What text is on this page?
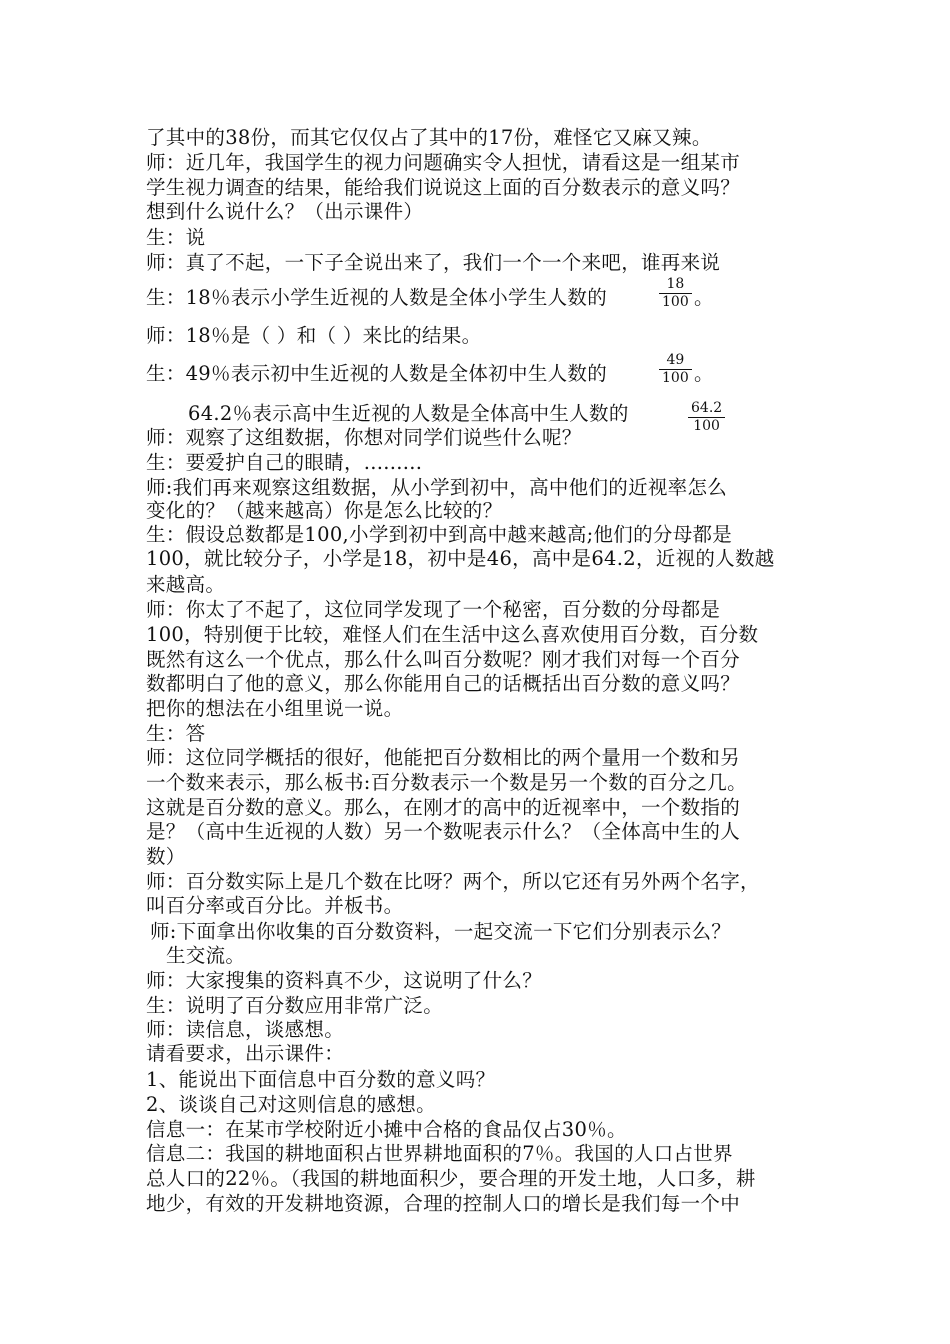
了其中的38份，而其它仅仅占了其中的17份，难怪它又麻又辣。
师：近几年，我国学生的视力问题确实令人担忧，请看这是一组某市
学生视力调查的结果，能给我们说说这上面的百分数表示的意义吗？
想到什么说什么？（出示课件）
生：说
师：真了不起，一下子全说出来了，我们一个一个来吧，谁再来说
生：18％表示小学生近视的人数是全体小学生人数的	$\frac{18}{100}$ 。
师：18％是（ ）和（ ）来比的结果。
生：49％表示初中生近视的人数是全体初中生人数的	$\frac{49}{100}$ 。
64.2％表示高中生近视的人数是全体高中生人数的	$\frac{64.2}{100}$
师：观察了这组数据，你想对同学们说些什么呢？
生：要爱护自己的眼睛，.........
师:我们再来观察这组数据，从小学到初中，高中他们的近视率怎么
变化的？（越来越高）你是怎么比较的？
生：假设总数都是100,小学到初中到高中越来越高;他们的分母都是
100，就比较分子，小学是18，初中是46，高中是64.2，近视的人数越
来越高。
师：你太了不起了，这位同学发现了一个秘密，百分数的分母都是
100，特别便于比较，难怪人们在生活中这么喜欢使用百分数，百分数
既然有这么一个优点，那么什么叫百分数呢？刚才我们对每一个百分
数都明白了他的意义，那么你能用自己的话概括出百分数的意义吗？
把你的想法在小组里说一说。
生：答
师：这位同学概括的很好，他能把百分数相比的两个量用一个数和另
一个数来表示，那么板书:百分数表示一个数是另一个数的百分之几。
这就是百分数的意义。那么，在刚才的高中的近视率中，一个数指的
是？（高中生近视的人数）另一个数呢表示什么？（全体高中生的人
数）
师：百分数实际上是几个数在比呀？两个，所以它还有另外两个名字，
叫百分率或百分比。并板书。
师:下面拿出你收集的百分数资料，一起交流一下它们分别表示么？
生交流。
师：大家搜集的资料真不少，这说明了什么？
生：说明了百分数应用非常广泛。
师：读信息，谈感想。
请看要求，出示课件：
1、能说出下面信息中百分数的意义吗？
2、谈谈自己对这则信息的感想。
信息一：在某市学校附近小摊中合格的食品仅占30％。
信息二：我国的耕地面积占世界耕地面积的7％。我国的人口占世界
总人口的22％。（我国的耕地面积少，要合理的开发土地，人口多，耕
地少，有效的开发耕地资源，合理的控制人口的增长是我们每一个中
